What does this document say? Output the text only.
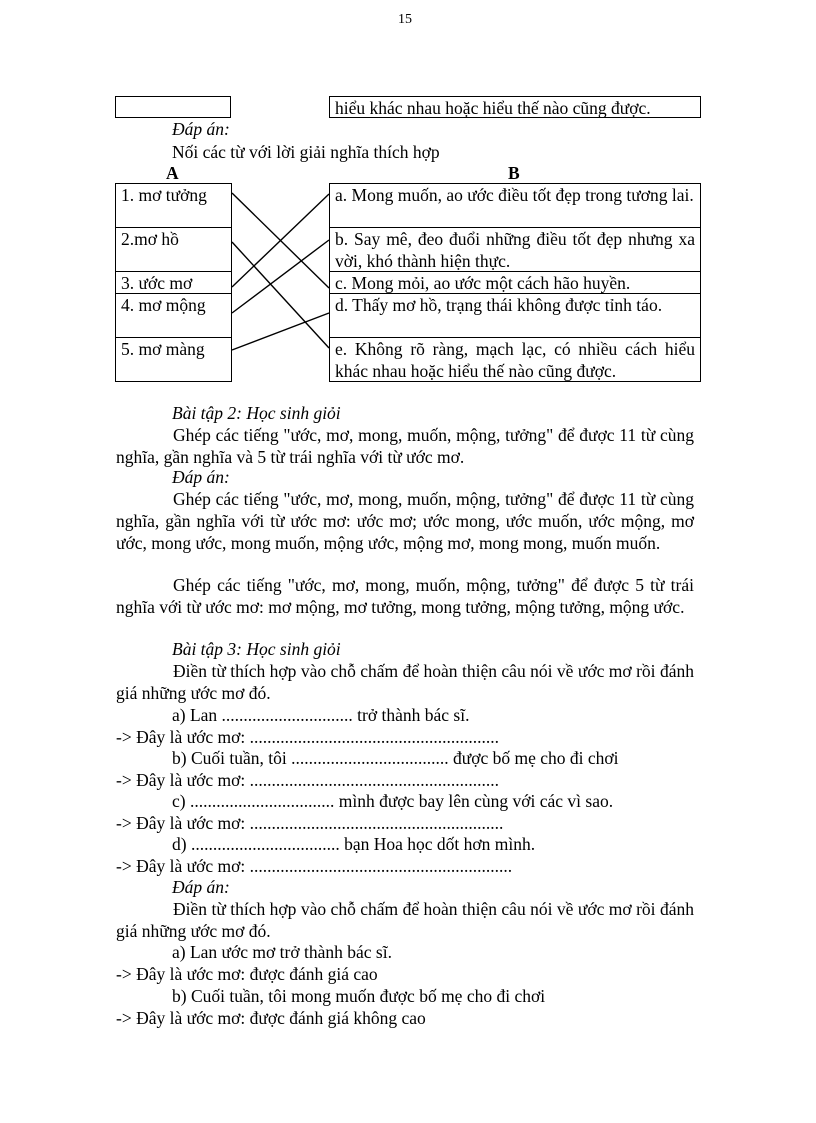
15
hiểu khác nhau hoặc hiểu thế nào cũng được.
Đáp án:
Nối các từ với lời giải nghĩa thích hợp
A	B
1. mơ tưởng
2.mơ hồ
3. ước mơ
4. mơ mộng
5. mơ màng
a. Mong muốn, ao ước điều tốt đẹp trong tương lai.
b. Say mê, đeo đuổi những điều tốt đẹp nhưng xa vời, khó thành hiện thực.
c. Mong mỏi, ao ước một cách hão huyền.
d. Thấy mơ hồ, trạng thái không được tỉnh táo.
e. Không rõ ràng, mạch lạc, có nhiều cách hiểu khác nhau hoặc hiểu thế nào cũng được.
Bài tập 2: Học sinh giỏi
Ghép các tiếng "ước, mơ, mong, muốn, mộng, tưởng" để được 11 từ cùng nghĩa, gần nghĩa và 5 từ trái nghĩa với từ ước mơ.
Đáp án:
Ghép các tiếng "ước, mơ, mong, muốn, mộng, tưởng" để được 11 từ cùng nghĩa, gần nghĩa với từ ước mơ: ước mơ; ước mong, ước muốn, ước mộng, mơ ước, mong ước, mong muốn, mộng ước, mộng mơ, mong mong, muốn muốn.
Ghép các tiếng "ước, mơ, mong, muốn, mộng, tưởng" để được 5 từ trái nghĩa với từ ước mơ: mơ mộng, mơ tưởng, mong tưởng, mộng tưởng, mộng ước.
Bài tập 3: Học sinh giỏi
Điền từ thích hợp vào chỗ chấm để hoàn thiện câu nói về ước mơ rồi đánh giá những ước mơ đó.
a) Lan .............................. trở thành bác sĩ.
-> Đây là ước mơ: .........................................................
b) Cuối tuần, tôi .................................... được bố mẹ cho đi chơi
-> Đây là ước mơ: .........................................................
c) ................................. mình được bay lên cùng với các vì sao.
-> Đây là ước mơ: ..........................................................
d) .................................. bạn Hoa học dốt hơn mình.
-> Đây là ước mơ: ............................................................
Đáp án:
Điền từ thích hợp vào chỗ chấm để hoàn thiện câu nói về ước mơ rồi đánh giá những ước mơ đó.
a) Lan ước mơ trở thành bác sĩ.
-> Đây là ước mơ: được đánh giá cao
b) Cuối tuần, tôi mong muốn được bố mẹ cho đi chơi
-> Đây là ước mơ: được đánh giá không cao
